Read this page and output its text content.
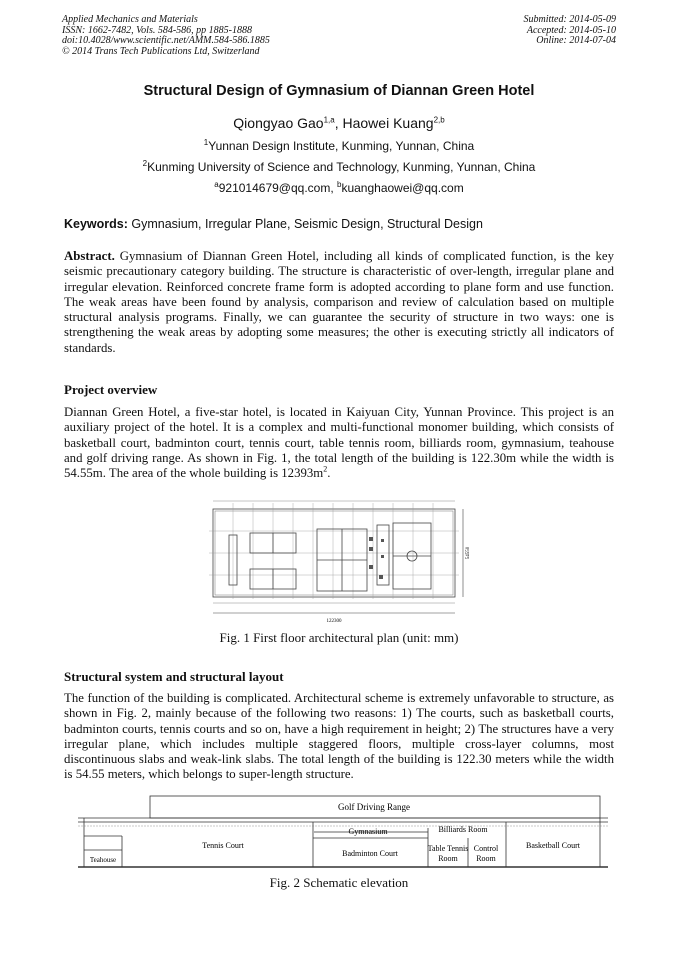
Applied Mechanics and Materials
ISSN: 1662-7482, Vols. 584-586, pp 1885-1888
doi:10.4028/www.scientific.net/AMM.584-586.1885
© 2014 Trans Tech Publications Ltd, Switzerland
Submitted: 2014-05-09
Accepted: 2014-05-10
Online: 2014-07-04
Structural Design of Gymnasium of Diannan Green Hotel
Qiongyao Gao$^{1,a}$, Haowei Kuang$^{2,b}$
$^1$Yunnan Design Institute, Kunming, Yunnan, China
$^2$Kunming University of Science and Technology, Kunming, Yunnan, China
$^a$921014679@qq.com, $^b$kuanghaowei@qq.com
Keywords: Gymnasium, Irregular Plane, Seismic Design, Structural Design
Abstract. Gymnasium of Diannan Green Hotel, including all kinds of complicated function, is the key seismic precautionary category building. The structure is characteristic of over-length, irregular plane and irregular elevation. Reinforced concrete frame form is adopted according to plane form and use function. The weak areas have been found by analysis, comparison and review of calculation based on multiple structural analysis programs. Finally, we can guarantee the security of structure in two ways: one is strengthening the weak areas by adopting some measures; the other is executing strictly all indicators of standards.
Project overview
Diannan Green Hotel, a five-star hotel, is located in Kaiyuan City, Yunnan Province. This project is an auxiliary project of the hotel. It is a complex and multi-functional monomer building, which consists of basketball court, badminton court, tennis court, table tennis room, billiards room, gymnasium, teahouse and golf driving range. As shown in Fig. 1, the total length of the building is 122.30m while the width is 54.55m. The area of the whole building is $12393m^2$.
122300
54550
Fig. 1 First floor architectural plan (unit: mm)
Structural system and structural layout
The function of the building is complicated. Architectural scheme is extremely unfavorable to structure, as shown in Fig. 2, mainly because of the following two reasons: 1) The courts, such as basketball courts, badminton courts, tennis courts and so on, have a high requirement in height; 2) The structures have a very irregular plane, which includes multiple staggered floors, multiple cross-layer columns, most discontinuous slabs and weak-link slabs. The total length of the building is 122.30 meters while the width is 54.55 meters, which belongs to super-length structure.
Golf Driving Range
Gymnasium	Billiards Room
Tennis Court
Badminton Court
Table Tennis
Room
Control
Room
Basketball Court
Teahouse
Fig. 2 Schematic elevation
